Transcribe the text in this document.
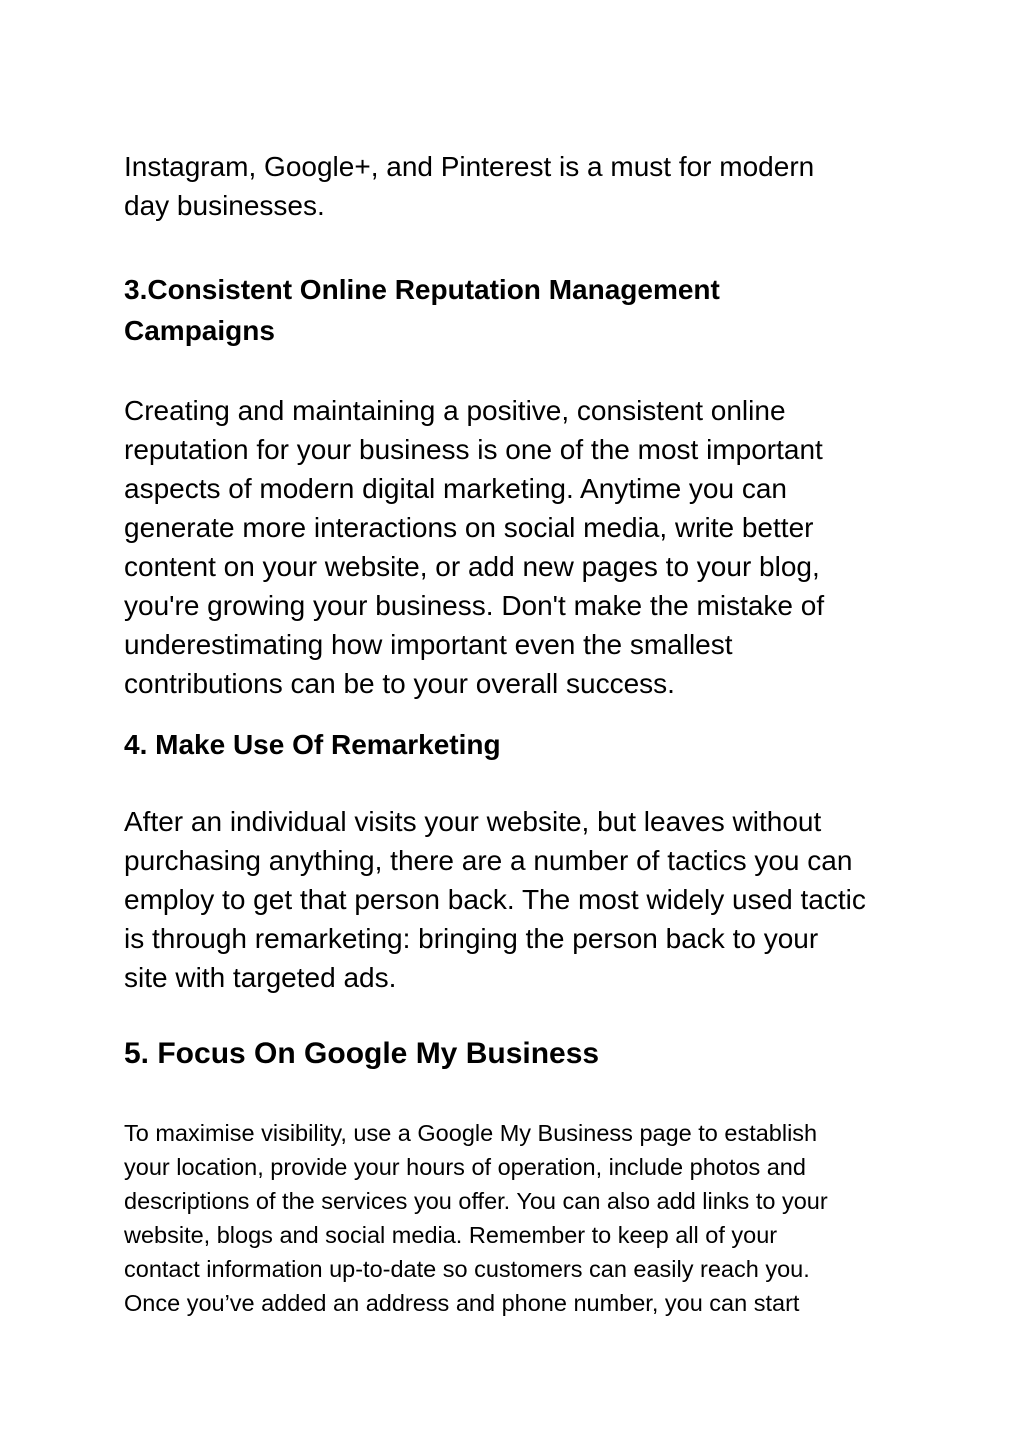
Instagram, Google+, and Pinterest is a must for modern
day businesses.

3.Consistent Online Reputation Management
Campaigns

Creating and maintaining a positive, consistent online
reputation for your business is one of the most important
aspects of modern digital marketing. Anytime you can
generate more interactions on social media, write better
content on your website, or add new pages to your blog,
you're growing your business. Don't make the mistake of
underestimating how important even the smallest
contributions can be to your overall success.

4. Make Use Of Remarketing

After an individual visits your website, but leaves without
purchasing anything, there are a number of tactics you can
employ to get that person back. The most widely used tactic
is through remarketing: bringing the person back to your
site with targeted ads.

5. Focus On Google My Business

To maximise visibility, use a Google My Business page to establish
your location, provide your hours of operation, include photos and
descriptions of the services you offer. You can also add links to your
website, blogs and social media. Remember to keep all of your
contact information up-to-date so customers can easily reach you.
Once you’ve added an address and phone number, you can start
